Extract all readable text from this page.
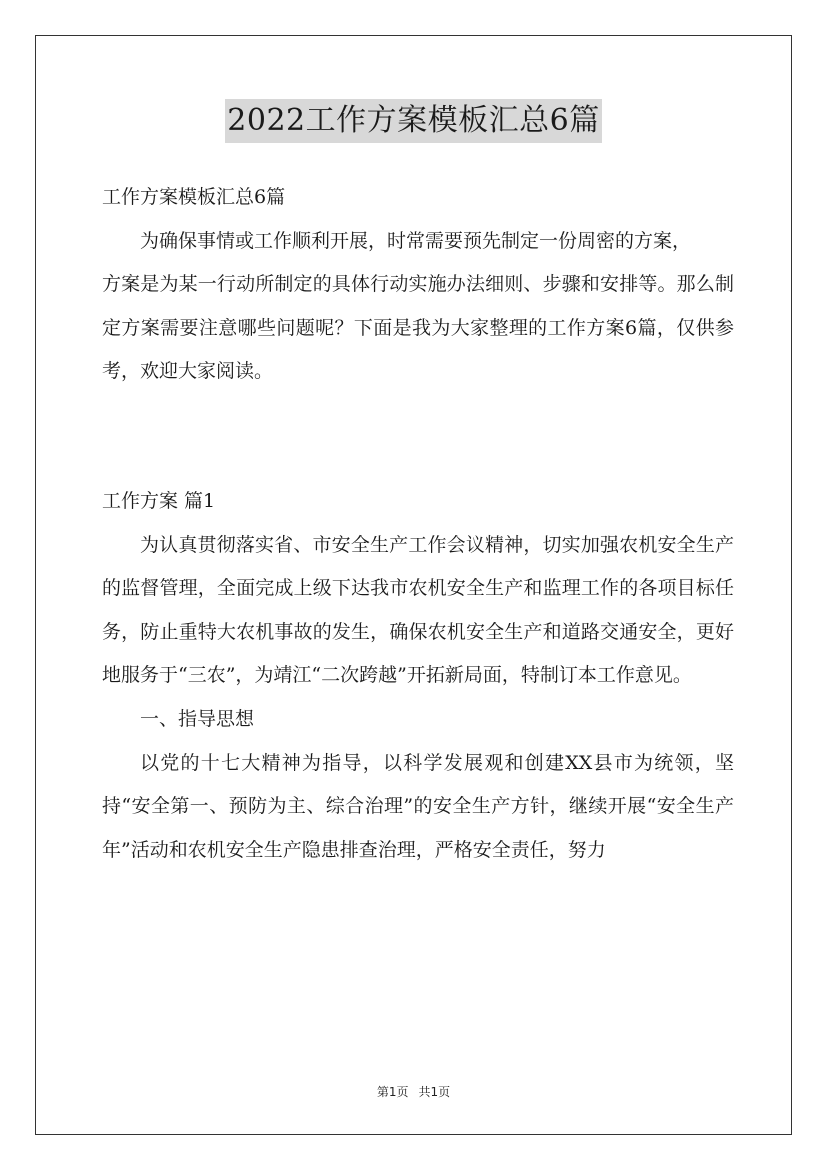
2022工作方案模板汇总6篇

工作方案模板汇总6篇

为确保事情或工作顺利开展，时常需要预先制定一份周密的方案，

方案是为某一行动所制定的具体行动实施办法细则、步骤和安排等。那么制定方案需要注意哪些问题呢？下面是我为大家整理的工作方案6篇，仅供参考，欢迎大家阅读。

工作方案 篇1

为认真贯彻落实省、市安全生产工作会议精神，切实加强农机安全生产的监督管理，全面完成上级下达我市农机安全生产和监理工作的各项目标任务，防止重特大农机事故的发生，确保农机安全生产和道路交通安全，更好地服务于“三农”，为靖江“二次跨越”开拓新局面，特制订本工作意见。

一、指导思想

以党的十七大精神为指导，以科学发展观和创建XX县市为统领，坚持“安全第一、预防为主、综合治理”的安全生产方针，继续开展“安全生产年”活动和农机安全生产隐患排查治理，严格安全责任，努力

第1页 共1页
